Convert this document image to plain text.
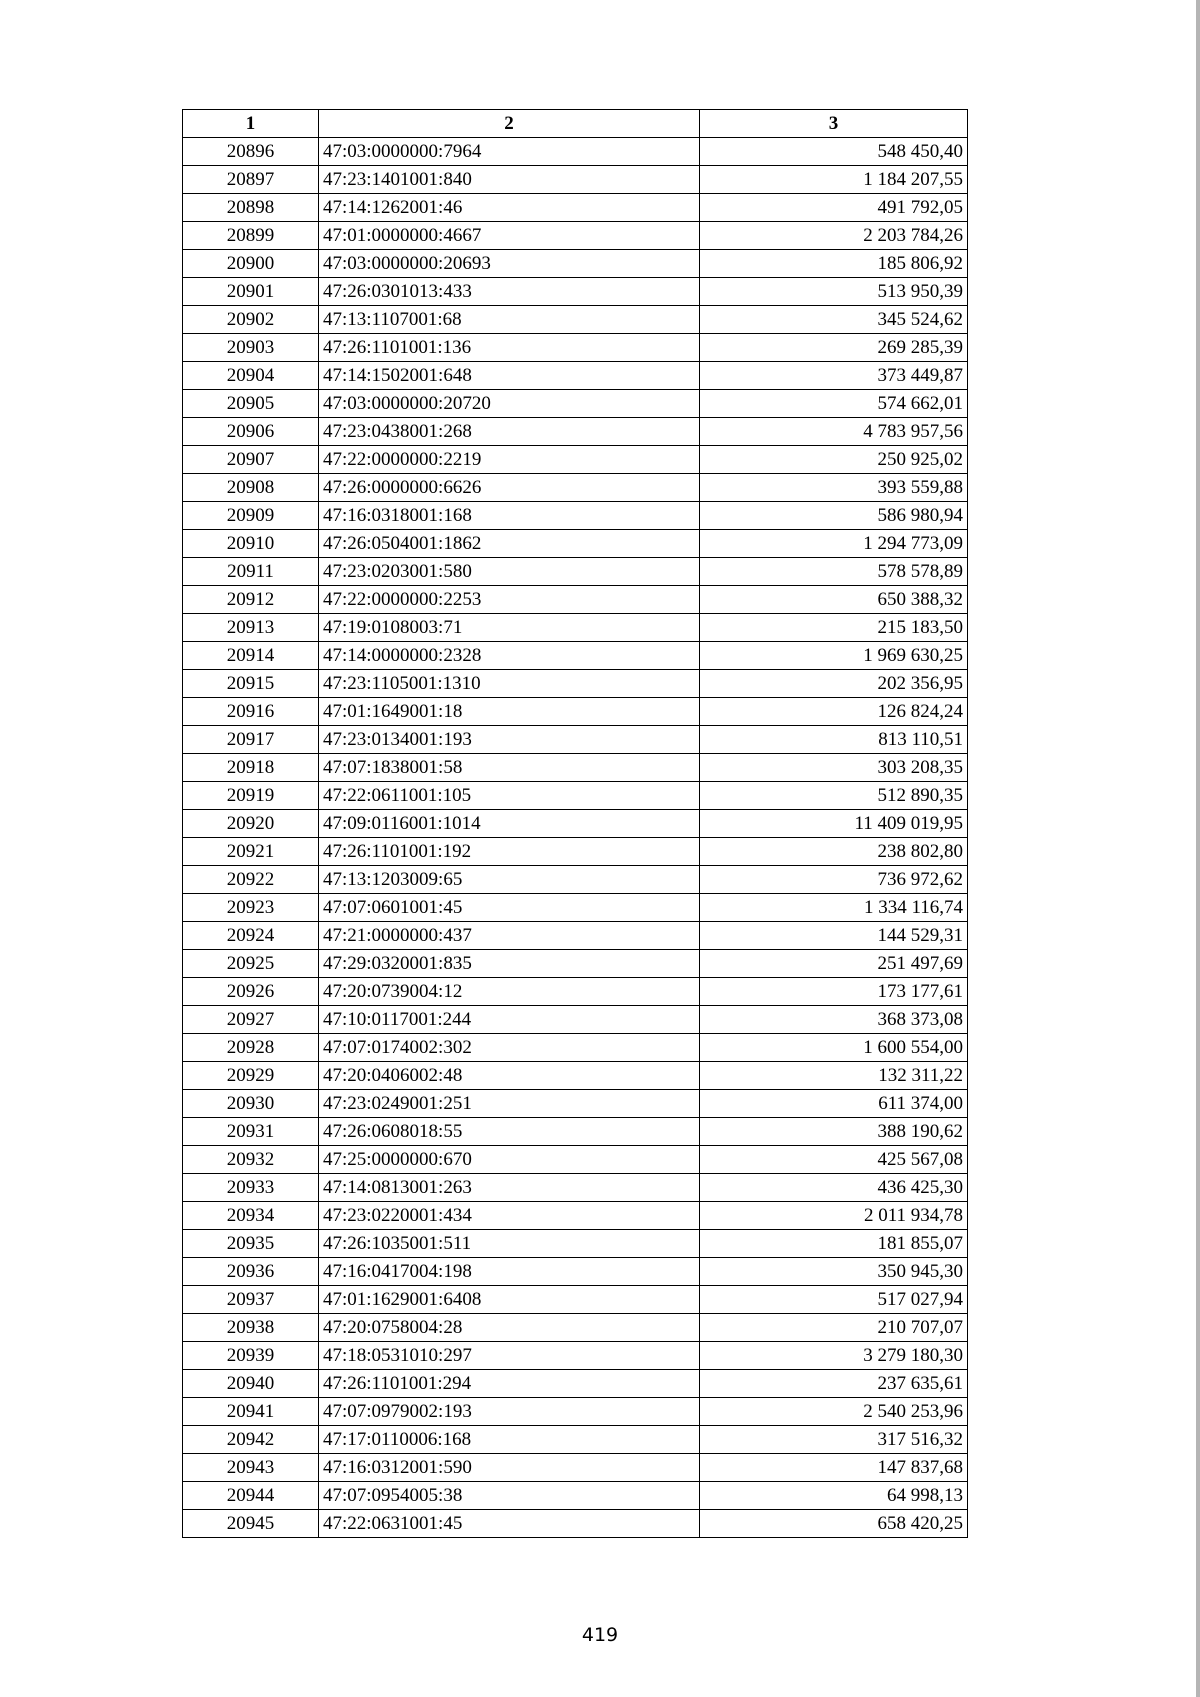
1	2	3
20896	47:03:0000000:7964	548 450,40
20897	47:23:1401001:840	1 184 207,55
20898	47:14:1262001:46	491 792,05
20899	47:01:0000000:4667	2 203 784,26
20900	47:03:0000000:20693	185 806,92
20901	47:26:0301013:433	513 950,39
20902	47:13:1107001:68	345 524,62
20903	47:26:1101001:136	269 285,39
20904	47:14:1502001:648	373 449,87
20905	47:03:0000000:20720	574 662,01
20906	47:23:0438001:268	4 783 957,56
20907	47:22:0000000:2219	250 925,02
20908	47:26:0000000:6626	393 559,88
20909	47:16:0318001:168	586 980,94
20910	47:26:0504001:1862	1 294 773,09
20911	47:23:0203001:580	578 578,89
20912	47:22:0000000:2253	650 388,32
20913	47:19:0108003:71	215 183,50
20914	47:14:0000000:2328	1 969 630,25
20915	47:23:1105001:1310	202 356,95
20916	47:01:1649001:18	126 824,24
20917	47:23:0134001:193	813 110,51
20918	47:07:1838001:58	303 208,35
20919	47:22:0611001:105	512 890,35
20920	47:09:0116001:1014	11 409 019,95
20921	47:26:1101001:192	238 802,80
20922	47:13:1203009:65	736 972,62
20923	47:07:0601001:45	1 334 116,74
20924	47:21:0000000:437	144 529,31
20925	47:29:0320001:835	251 497,69
20926	47:20:0739004:12	173 177,61
20927	47:10:0117001:244	368 373,08
20928	47:07:0174002:302	1 600 554,00
20929	47:20:0406002:48	132 311,22
20930	47:23:0249001:251	611 374,00
20931	47:26:0608018:55	388 190,62
20932	47:25:0000000:670	425 567,08
20933	47:14:0813001:263	436 425,30
20934	47:23:0220001:434	2 011 934,78
20935	47:26:1035001:511	181 855,07
20936	47:16:0417004:198	350 945,30
20937	47:01:1629001:6408	517 027,94
20938	47:20:0758004:28	210 707,07
20939	47:18:0531010:297	3 279 180,30
20940	47:26:1101001:294	237 635,61
20941	47:07:0979002:193	2 540 253,96
20942	47:17:0110006:168	317 516,32
20943	47:16:0312001:590	147 837,68
20944	47:07:0954005:38	64 998,13
20945	47:22:0631001:45	658 420,25
419
